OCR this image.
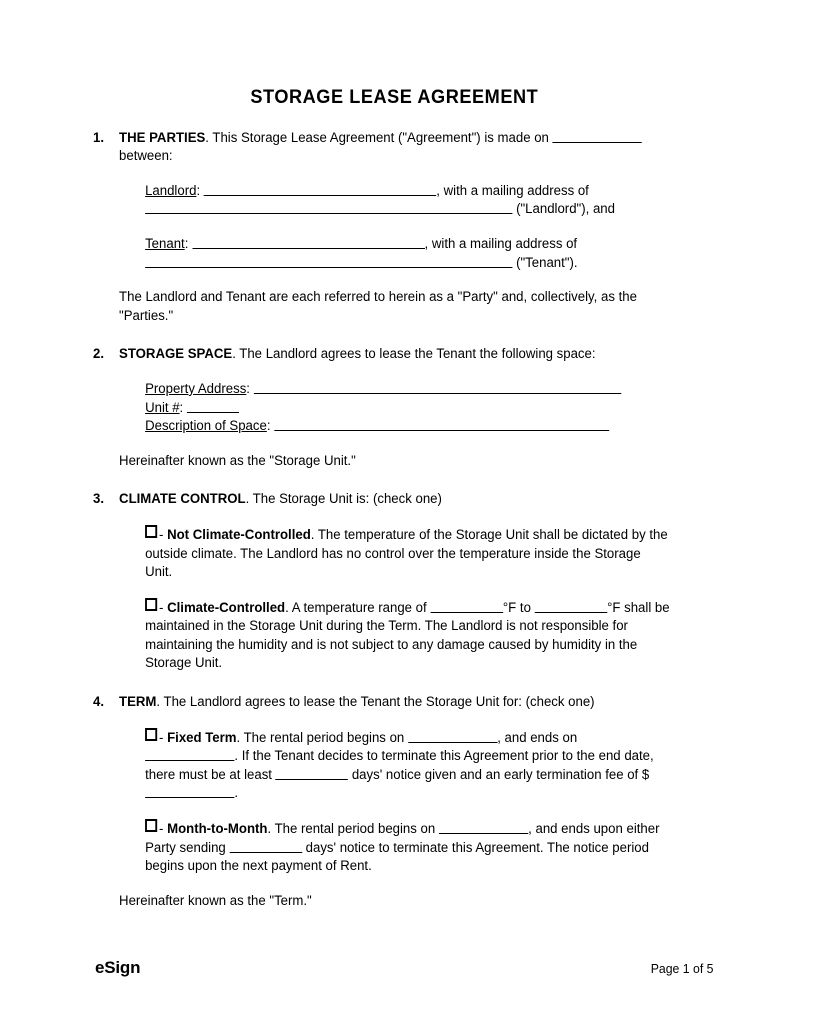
STORAGE LEASE AGREEMENT
1.	THE PARTIES. This Storage Lease Agreement ("Agreement") is made on  between:
Landlord:	, with a mailing address of
("Landlord"), and
Tenant:	, with a mailing address of
("Tenant").
The Landlord and Tenant are each referred to herein as a "Party" and, collectively, as the "Parties."
2.	STORAGE SPACE. The Landlord agrees to lease the Tenant the following space:
Property Address:
Unit #:
Description of Space:
Hereinafter known as the "Storage Unit."
3.	CLIMATE CONTROL. The Storage Unit is: (check one)
- Not Climate-Controlled. The temperature of the Storage Unit shall be dictated by the outside climate. The Landlord has no control over the temperature inside the Storage Unit.
- Climate-Controlled. A temperature range of	°F to	°F shall be maintained in the Storage Unit during the Term. The Landlord is not responsible for maintaining the humidity and is not subject to any damage caused by humidity in the Storage Unit.
4.	TERM. The Landlord agrees to lease the Tenant the Storage Unit for: (check one)
- Fixed Term. The rental period begins on	, and ends on . If the Tenant decides to terminate this Agreement prior to the end date, there must be at least	days' notice given and an early termination fee of $.
- Month-to-Month. The rental period begins on	, and ends upon either Party sending	days' notice to terminate this Agreement. The notice period begins upon the next payment of Rent.
Hereinafter known as the "Term."
eSign	Page 1 of 5
